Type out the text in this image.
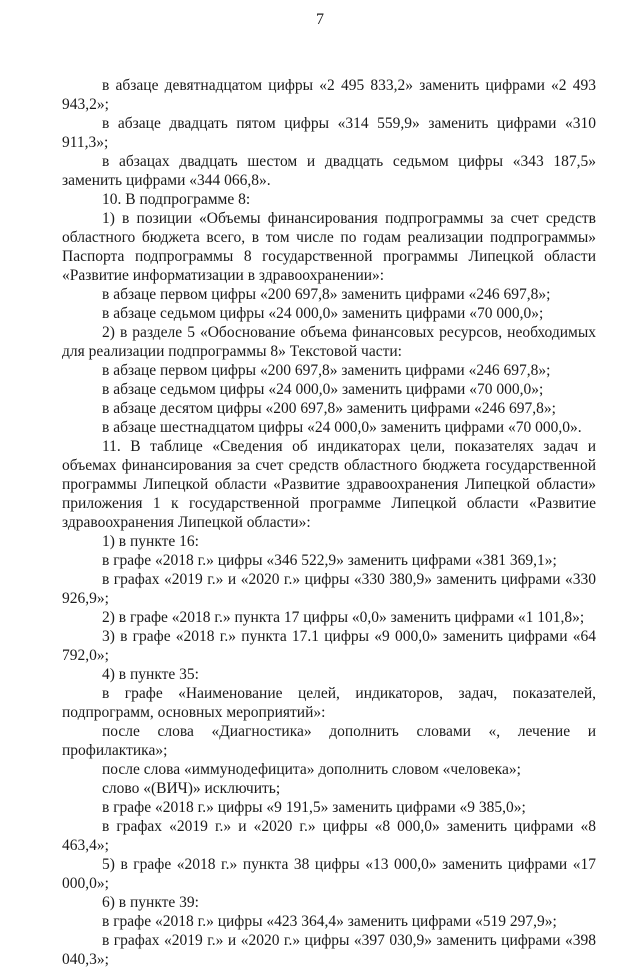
7

в абзаце девятнадцатом цифры «2 495 833,2» заменить цифрами «2 493 943,2»;

в абзаце двадцать пятом цифры «314 559,9» заменить цифрами «310 911,3»;

в абзацах двадцать шестом и двадцать седьмом цифры «343 187,5» заменить цифрами «344 066,8».

10. В подпрограмме 8:

1) в позиции «Объемы финансирования подпрограммы за счет средств областного бюджета всего, в том числе по годам реализации подпрограммы» Паспорта подпрограммы 8 государственной программы Липецкой области «Развитие информатизации в здравоохранении»:

в абзаце первом цифры «200 697,8» заменить цифрами «246 697,8»;

в абзаце седьмом цифры «24 000,0» заменить цифрами «70 000,0»;

2) в разделе 5 «Обоснование объема финансовых ресурсов, необходимых для реализации подпрограммы 8» Текстовой части:

в абзаце первом цифры «200 697,8» заменить цифрами «246 697,8»;

в абзаце седьмом цифры «24 000,0» заменить цифрами «70 000,0»;

в абзаце десятом цифры «200 697,8» заменить цифрами «246 697,8»;

в абзаце шестнадцатом цифры «24 000,0» заменить цифрами «70 000,0».

11. В таблице «Сведения об индикаторах цели, показателях задач и объемах финансирования за счет средств областного бюджета государственной программы Липецкой области «Развитие здравоохранения Липецкой области» приложения 1 к государственной программе Липецкой области «Развитие здравоохранения Липецкой области»:

1) в пункте 16:

в графе «2018 г.» цифры «346 522,9» заменить цифрами «381 369,1»;

в графах «2019 г.» и «2020 г.» цифры «330 380,9» заменить цифрами «330 926,9»;

2) в графе «2018 г.» пункта 17 цифры «0,0» заменить цифрами «1 101,8»;

3) в графе «2018 г.» пункта 17.1 цифры «9 000,0» заменить цифрами «64 792,0»;

4) в пункте 35:

в графе «Наименование целей, индикаторов, задач, показателей, подпрограмм, основных мероприятий»:

после слова «Диагностика» дополнить словами «, лечение и профилактика»;

после слова «иммунодефицита» дополнить словом «человека»;

слово «(ВИЧ)» исключить;

в графе «2018 г.» цифры «9 191,5» заменить цифрами «9 385,0»;

в графах «2019 г.» и «2020 г.» цифры «8 000,0» заменить цифрами «8 463,4»;

5) в графе «2018 г.» пункта 38 цифры «13 000,0» заменить цифрами «17 000,0»;

6) в пункте 39:

в графе «2018 г.» цифры «423 364,4» заменить цифрами «519 297,9»;

в графах «2019 г.» и «2020 г.» цифры «397 030,9» заменить цифрами «398 040,3»;
